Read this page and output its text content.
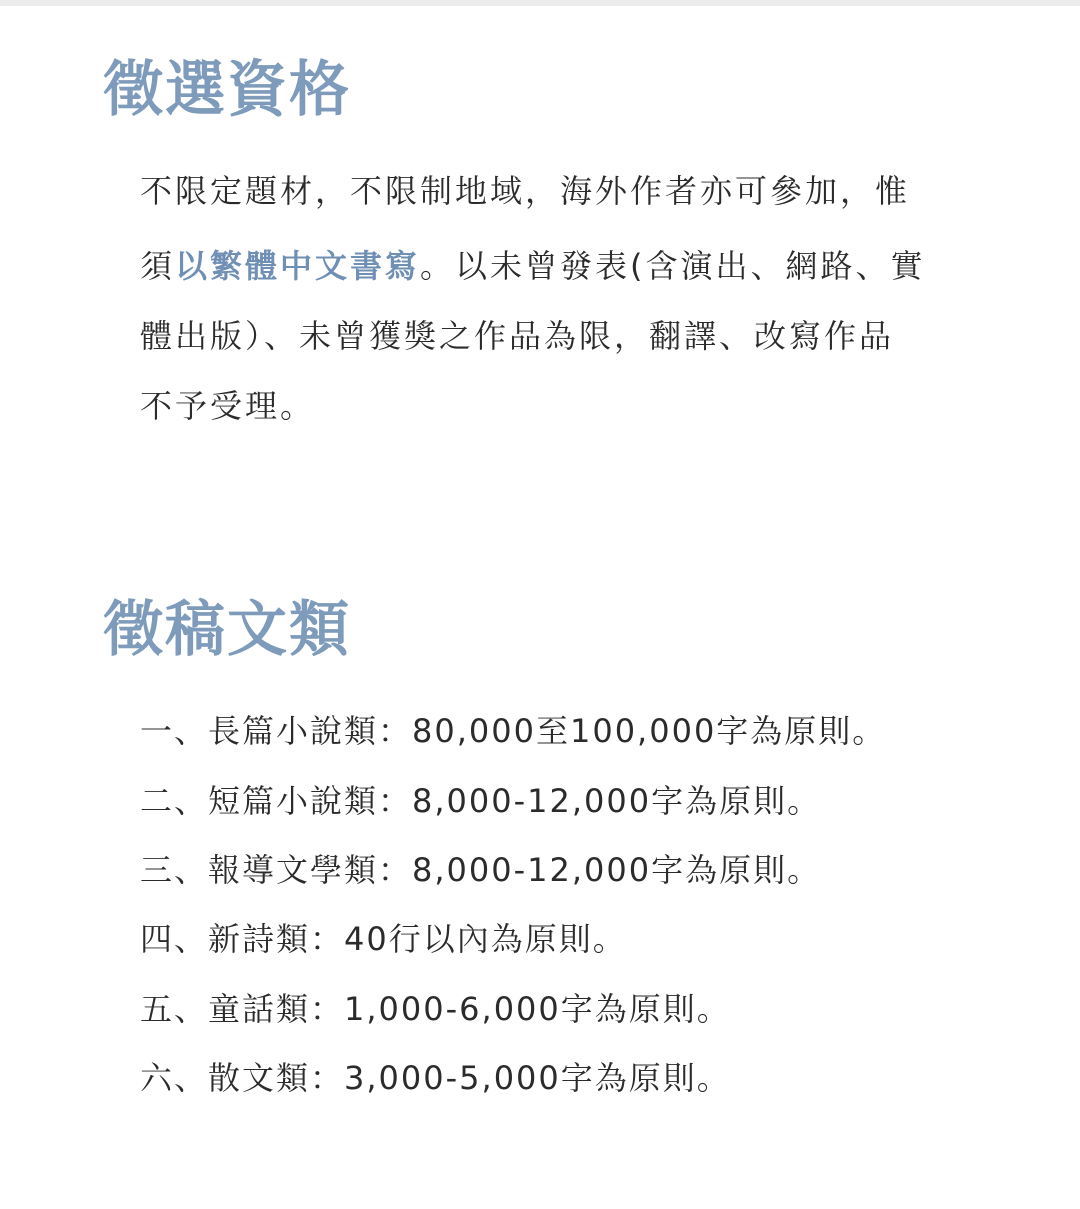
徵選資格

不限定題材，不限制地域，海外作者亦可參加，惟

須以繁體中文書寫。以未曾發表(含演出、網路、實

體出版）、未曾獲獎之作品為限，翻譯、改寫作品

不予受理。

徵稿文類

一、長篇小說類：80,000至100,000字為原則。

二、短篇小說類：8,000-12,000字為原則。

三、報導文學類：8,000-12,000字為原則。

四、新詩類：40行以內為原則。

五、童話類：1,000-6,000字為原則。

六、散文類：3,000-5,000字為原則。
